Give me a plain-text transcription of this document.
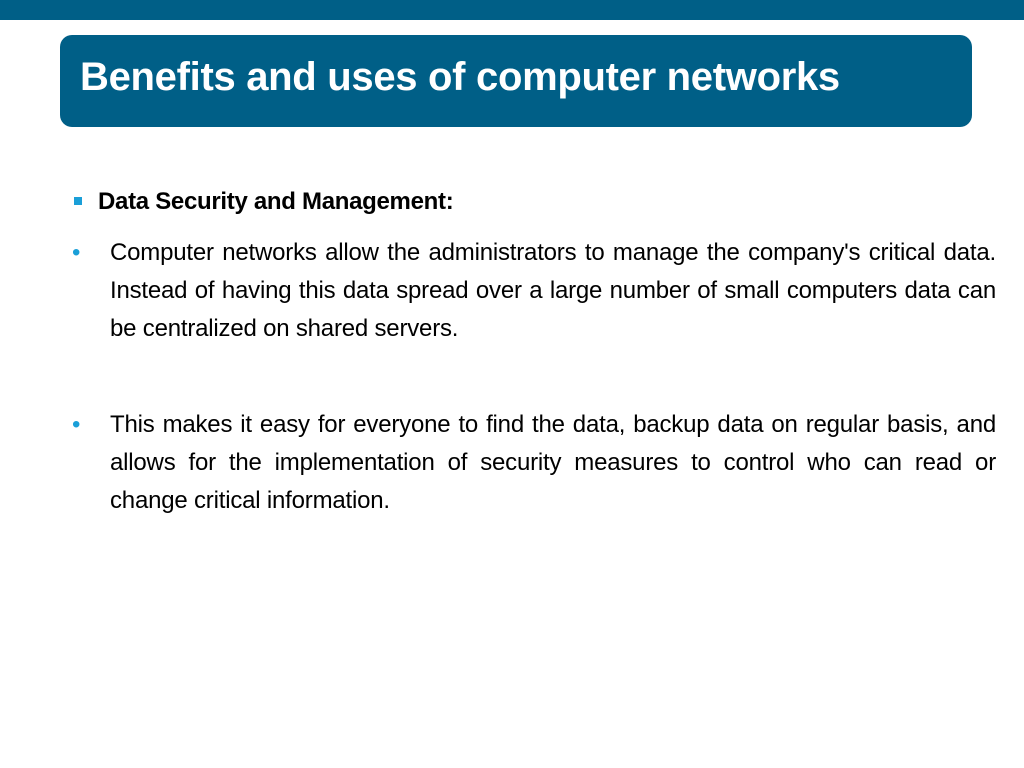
Benefits and uses of computer networks
Data Security and Management:
• Computer networks allow the administrators to manage the company's critical data. Instead of having this data spread over a large number of small computers data can be centralized on shared servers.
• This makes it easy for everyone to find the data, backup data on regular basis, and allows for the implementation of security measures to control who can read or change critical information.
